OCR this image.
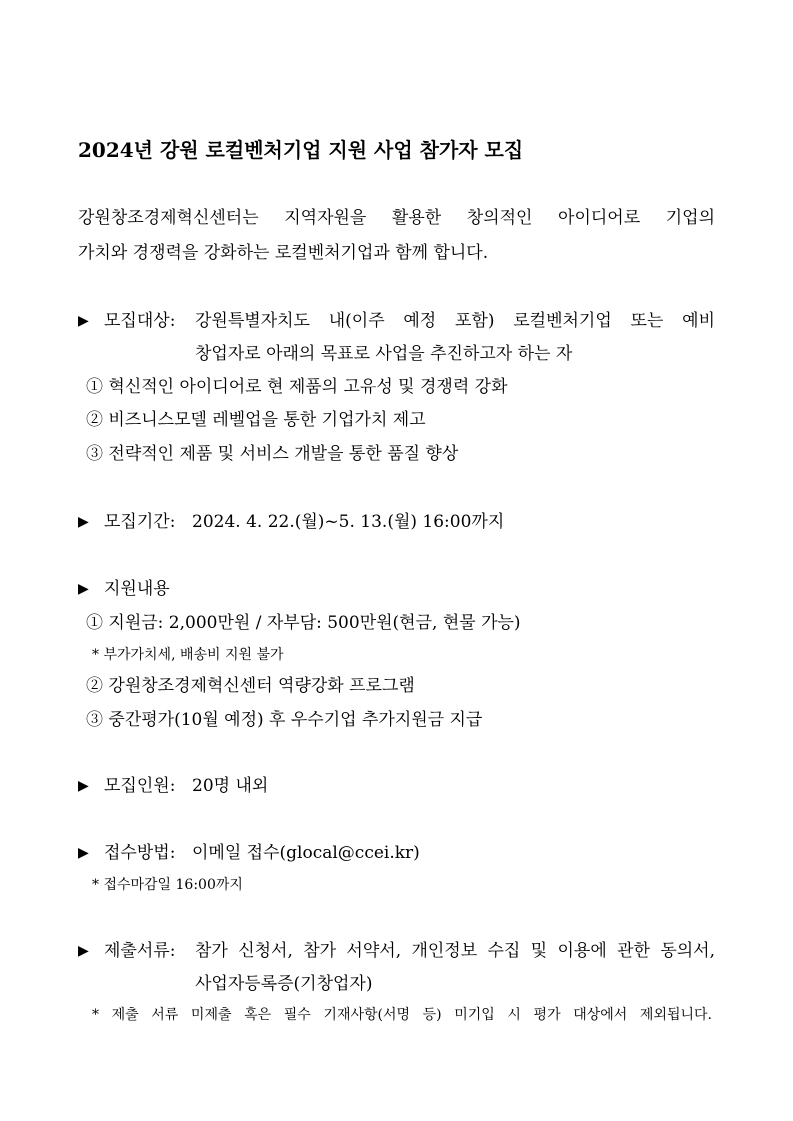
2024년 강원 로컬벤처기업 지원 사업 참가자 모집
강원창조경제혁신센터는 지역자원을 활용한 창의적인 아이디어로 기업의
가치와 경쟁력을 강화하는 로컬벤처기업과 함께 합니다.
▶ 모집대상: 강원특별자치도 내(이주 예정 포함) 로컬벤처기업 또는 예비
창업자로 아래의 목표로 사업을 추진하고자 하는 자
① 혁신적인 아이디어로 현 제품의 고유성 및 경쟁력 강화
② 비즈니스모델 레벨업을 통한 기업가치 제고
③ 전략적인 제품 및 서비스 개발을 통한 품질 향상
▶ 모집기간: 2024. 4. 22.(월)~5. 13.(월) 16:00까지
▶ 지원내용
① 지원금: 2,000만원 / 자부담: 500만원(현금, 현물 가능)
* 부가가치세, 배송비 지원 불가
② 강원창조경제혁신센터 역량강화 프로그램
③ 중간평가(10월 예정) 후 우수기업 추가지원금 지급
▶ 모집인원: 20명 내외
▶ 접수방법: 이메일 접수(glocal@ccei.kr)
* 접수마감일 16:00까지
▶ 제출서류: 참가 신청서, 참가 서약서, 개인정보 수집 및 이용에 관한 동의서,
사업자등록증(기창업자)
* 제출 서류 미제출 혹은 필수 기재사항(서명 등) 미기입 시 평가 대상에서 제외됩니다.
